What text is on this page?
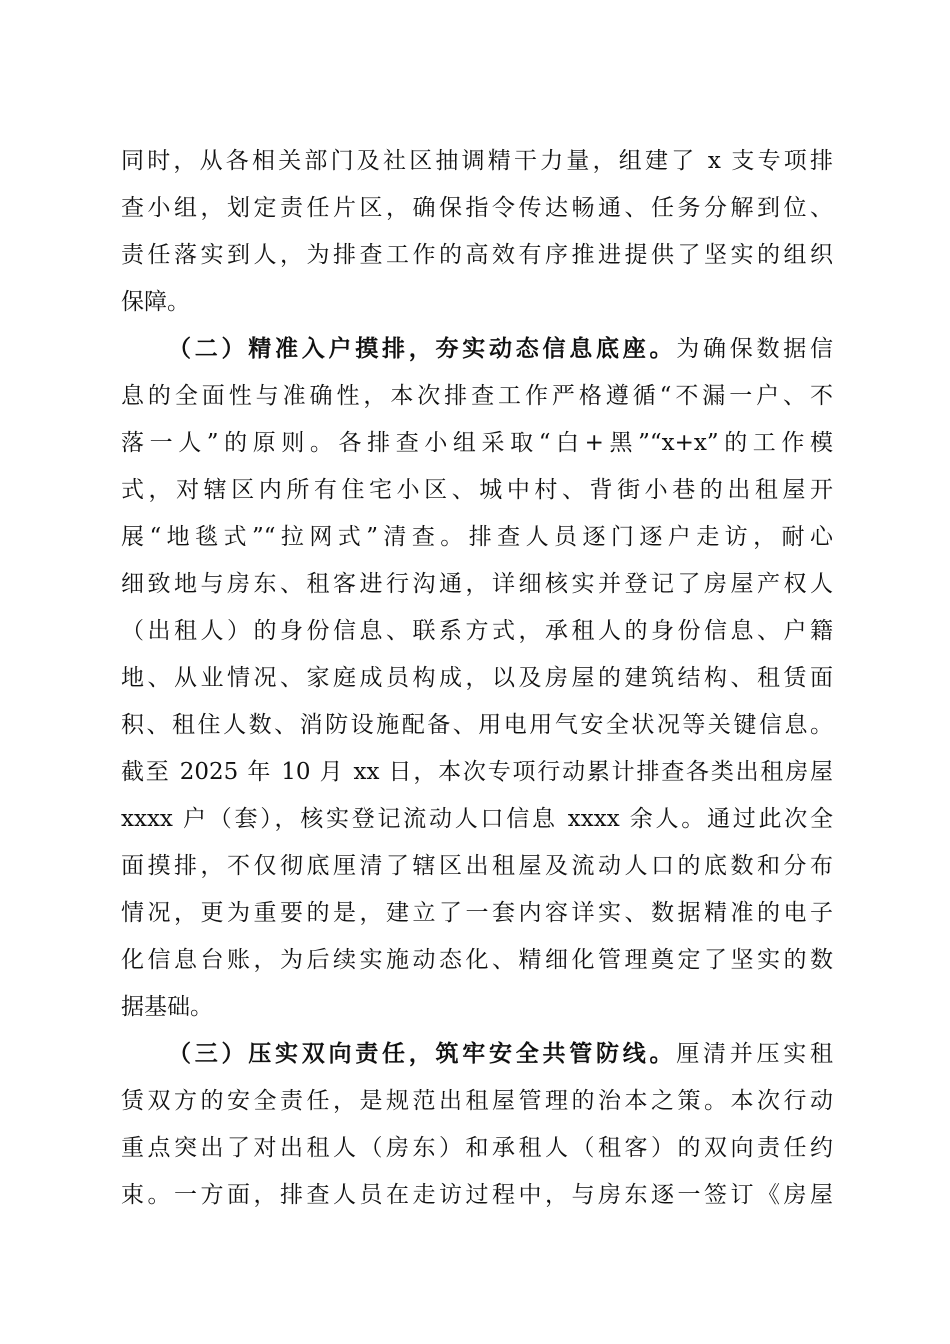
同时，从各相关部门及社区抽调精干力量，组建了 x 支专项排
查小组，划定责任片区，确保指令传达畅通、任务分解到位、
责任落实到人，为排查工作的高效有序推进提供了坚实的组织
保障。
（二）精准入户摸排，夯实动态信息底座。为确保数据信
息的全面性与准确性，本次排查工作严格遵循“不漏一户、不
落一人”的原则。各排查小组采取“白+黑”“x+x”的工作模
式，对辖区内所有住宅小区、城中村、背街小巷的出租屋开
展“地毯式”“拉网式”清查。排查人员逐门逐户走访，耐心
细致地与房东、租客进行沟通，详细核实并登记了房屋产权人
（出租人）的身份信息、联系方式，承租人的身份信息、户籍
地、从业情况、家庭成员构成，以及房屋的建筑结构、租赁面
积、租住人数、消防设施配备、用电用气安全状况等关键信息。
截至 2025 年 10 月 xx 日，本次专项行动累计排查各类出租房屋
xxxx 户（套），核实登记流动人口信息 xxxx 余人。通过此次全
面摸排，不仅彻底厘清了辖区出租屋及流动人口的底数和分布
情况，更为重要的是，建立了一套内容详实、数据精准的电子
化信息台账，为后续实施动态化、精细化管理奠定了坚实的数
据基础。
（三）压实双向责任，筑牢安全共管防线。厘清并压实租
赁双方的安全责任，是规范出租屋管理的治本之策。本次行动
重点突出了对出租人（房东）和承租人（租客）的双向责任约
束。一方面，排查人员在走访过程中，与房东逐一签订《房屋
